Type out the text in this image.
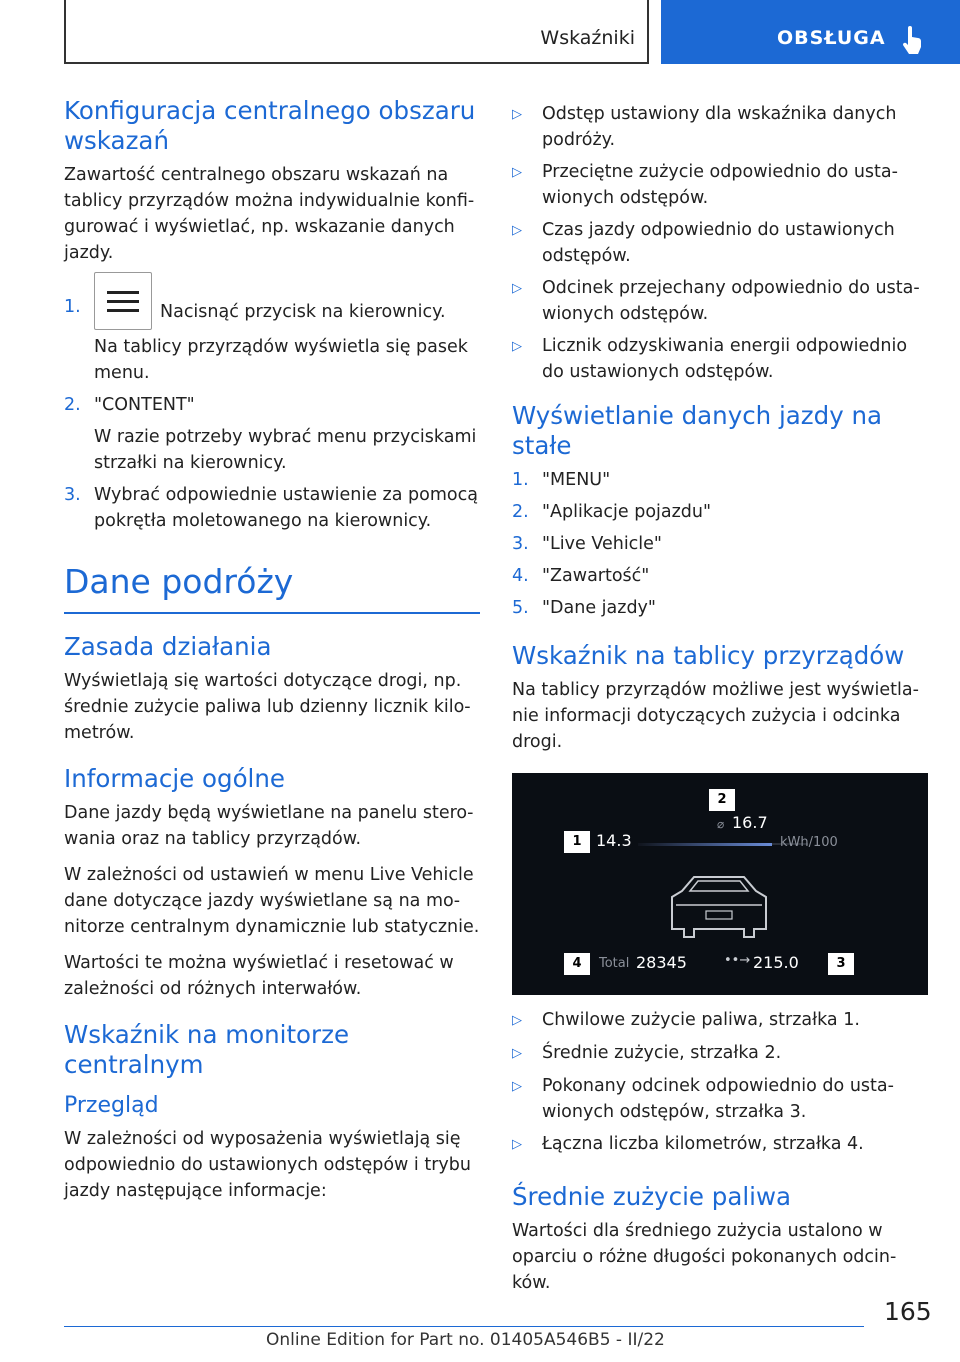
Wskaźniki	OBSŁUGA
Konfiguracja centralnego obszaru wskazań

Zawartość centralnego obszaru wskazań na tablicy przyrządów można indywidualnie konfigurować i wyświetlać, np. wskazanie danych jazdy.

1.	Nacisnąć przycisk na kierownicy.
Na tablicy przyrządów wyświetla się pasek menu.
2. "CONTENT"
W razie potrzeby wybrać menu przyciskami strzałki na kierownicy.
3. Wybrać odpowiednie ustawienie za pomocą pokrętła moletowanego na kierownicy.
Dane podróży
Zasada działania

Wyświetlają się wartości dotyczące drogi, np. średnie zużycie paliwa lub dzienny licznik kilometrów.

Informacje ogólne

Dane jazdy będą wyświetlane na panelu sterowania oraz na tablicy przyrządów.

W zależności od ustawień w menu Live Vehicle dane dotyczące jazdy wyświetlane są na monitorze centralnym dynamicznie lub statycznie.

Wartości te można wyświetlać i resetować w zależności od różnych interwałów.

Wskaźnik na monitorze centralnym
Przegląd

W zależności od wyposażenia wyświetlają się odpowiednio do ustawionych odstępów i trybu jazdy następujące informacje:

▷	Odstęp ustawiony dla wskaźnika danych podróży.
▷	Przeciętne zużycie odpowiednio do ustawionych odstępów.
▷	Czas jazdy odpowiednio do ustawionych odstępów.
▷	Odcinek przejechany odpowiednio do ustawionych odstępów.
▷	Licznik odzyskiwania energii odpowiednio do ustawionych odstępów.
Wyświetlanie danych jazdy na stałe
1. "MENU"
2. "Aplikacje pojazdu"
3. "Live Vehicle"
4. "Zawartość"
5. "Dane jazdy"
Wskaźnik na tablicy przyrządów

Na tablicy przyrządów możliwe jest wyświetlanie informacji dotyczących zużycia i odcinka drogi.

2
⌀ 16.7
1 14.3	kWh/100
4	Total 28345	••→ 215.0	3
▷	Chwilowe zużycie paliwa, strzałka 1.
▷	Średnie zużycie, strzałka 2.
▷	Pokonany odcinek odpowiednio do ustawionych odstępów, strzałka 3.
▷	Łączna liczba kilometrów, strzałka 4.
Średnie zużycie paliwa

Wartości dla średniego zużycia ustalono w oparciu o różne długości pokonanych odcinków.

165
Online Edition for Part no. 01405A546B5 - II/22
